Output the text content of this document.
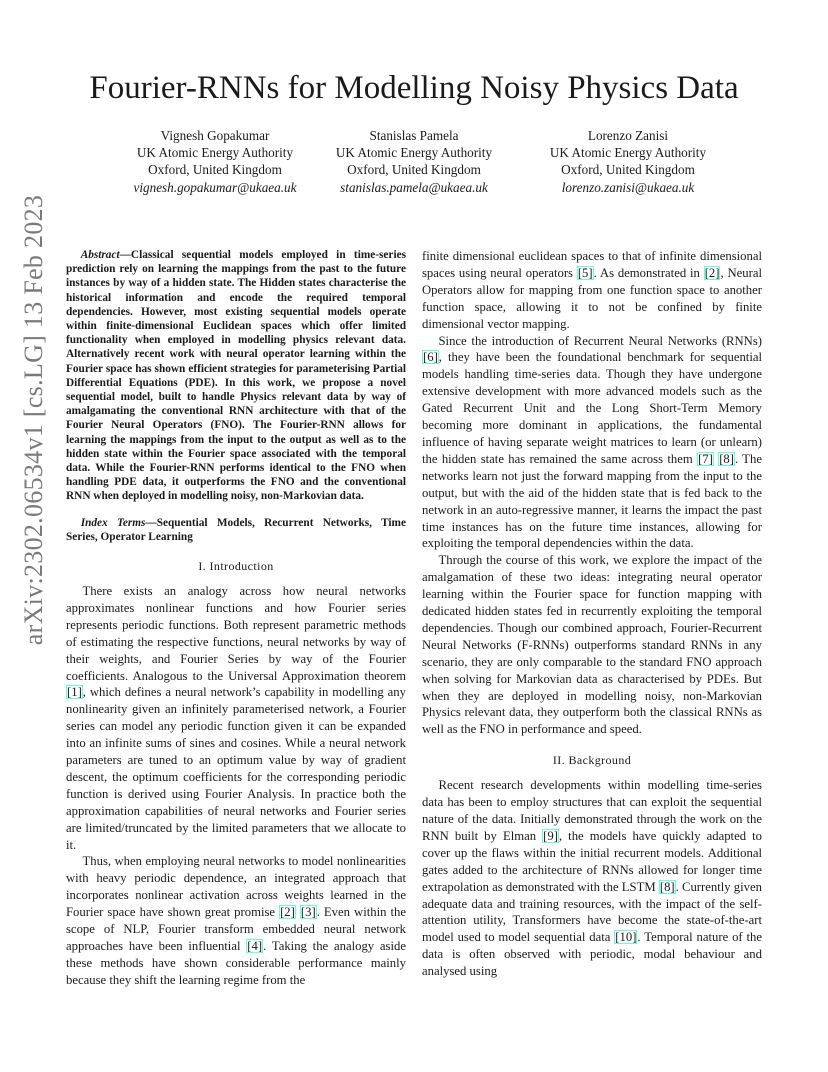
arXiv:2302.06534v1 [cs.LG] 13 Feb 2023
Fourier-RNNs for Modelling Noisy Physics Data
Vignesh Gopakumar
UK Atomic Energy Authority
Oxford, United Kingdom
vignesh.gopakumar@ukaea.uk
Stanislas Pamela
UK Atomic Energy Authority
Oxford, United Kingdom
stanislas.pamela@ukaea.uk
Lorenzo Zanisi
UK Atomic Energy Authority
Oxford, United Kingdom
lorenzo.zanisi@ukaea.uk

Abstract—Classical sequential models employed in time-series prediction rely on learning the mappings from the past to the future instances by way of a hidden state. The Hidden states characterise the historical information and encode the required temporal dependencies. However, most existing sequential models operate within finite-dimensional Euclidean spaces which offer limited functionality when employed in modelling physics relevant data. Alternatively recent work with neural operator learning within the Fourier space has shown efficient strategies for parameterising Partial Differential Equations (PDE). In this work, we propose a novel sequential model, built to handle Physics relevant data by way of amalgamating the conventional RNN architecture with that of the Fourier Neural Operators (FNO). The Fourier-RNN allows for learning the mappings from the input to the output as well as to the hidden state within the Fourier space associated with the temporal data. While the Fourier-RNN performs identical to the FNO when handling PDE data, it outperforms the FNO and the conventional RNN when deployed in modelling noisy, non-Markovian data.

Index Terms—Sequential Models, Recurrent Networks, Time Series, Operator Learning

I. Introduction

There exists an analogy across how neural networks approximates nonlinear functions and how Fourier series represents periodic functions. Both represent parametric methods of estimating the respective functions, neural networks by way of their weights, and Fourier Series by way of the Fourier coefficients. Analogous to the Universal Approximation theorem [1], which defines a neural network’s capability in modelling any nonlinearity given an infinitely parameterised network, a Fourier series can model any periodic function given it can be expanded into an infinite sums of sines and cosines. While a neural network parameters are tuned to an optimum value by way of gradient descent, the optimum coefficients for the corresponding periodic function is derived using Fourier Analysis. In practice both the approximation capabilities of neural networks and Fourier series are limited/truncated by the limited parameters that we allocate to it.

Thus, when employing neural networks to model nonlinearities with heavy periodic dependence, an integrated approach that incorporates nonlinear activation across weights learned in the Fourier space have shown great promise [2] [3]. Even within the scope of NLP, Fourier transform embedded neural network approaches have been influential [4]. Taking the analogy aside these methods have shown considerable performance mainly because they shift the learning regime from the

finite dimensional euclidean spaces to that of infinite dimensional spaces using neural operators [5]. As demonstrated in [2], Neural Operators allow for mapping from one function space to another function space, allowing it to not be confined by finite dimensional vector mapping.

Since the introduction of Recurrent Neural Networks (RNNs) [6], they have been the foundational benchmark for sequential models handling time-series data. Though they have undergone extensive development with more advanced models such as the Gated Recurrent Unit and the Long Short-Term Memory becoming more dominant in applications, the fundamental influence of having separate weight matrices to learn (or unlearn) the hidden state has remained the same across them [7] [8]. The networks learn not just the forward mapping from the input to the output, but with the aid of the hidden state that is fed back to the network in an auto-regressive manner, it learns the impact the past time instances has on the future time instances, allowing for exploiting the temporal dependencies within the data.

Through the course of this work, we explore the impact of the amalgamation of these two ideas: integrating neural operator learning within the Fourier space for function mapping with dedicated hidden states fed in recurrently exploiting the temporal dependencies. Though our combined approach, Fourier-Recurrent Neural Networks (F-RNNs) outperforms standard RNNs in any scenario, they are only comparable to the standard FNO approach when solving for Markovian data as characterised by PDEs. But when they are deployed in modelling noisy, non-Markovian Physics relevant data, they outperform both the classical RNNs as well as the FNO in performance and speed.

II. Background

Recent research developments within modelling time-series data has been to employ structures that can exploit the sequential nature of the data. Initially demonstrated through the work on the RNN built by Elman [9], the models have quickly adapted to cover up the flaws within the initial recurrent models. Additional gates added to the architecture of RNNs allowed for longer time extrapolation as demonstrated with the LSTM [8]. Currently given adequate data and training resources, with the impact of the self-attention utility, Transformers have become the state-of-the-art model used to model sequential data [10]. Temporal nature of the data is often observed with periodic, modal behaviour and analysed using
